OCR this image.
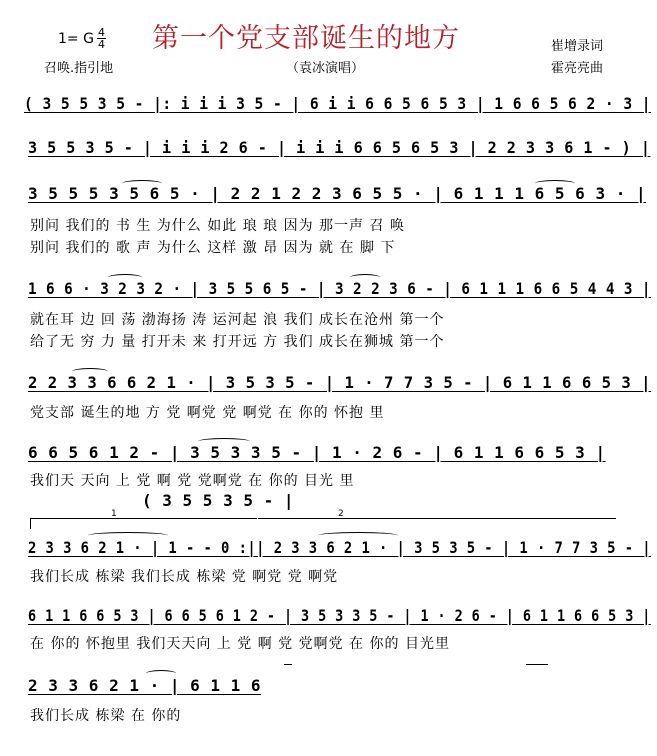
1= G 4
4 第一个党支部诞生的地方	崔增录词
召唤.指引地	（袁冰演唱）	霍亮亮曲
( 3 5 5 3 5 - |: i i i 3 5 - | 6 i i 6 6 5 6 5 3 | 1 6 6 5 6 2 · 3 |
3 5 5 3 5 - | i i i 2 6 - | i i i 6 6 5 6 5 3 | 2 2 3 3 6 1 - ) |
3 5 5 5 3 5 6 5 · | 2 2 1 2 2 3 6 5 5 · | 6 1 1 1 6 5 6 3 · |
别问 我们的 书 生 为什么 如此 琅 琅 因为 那一声 召 唤
别问 我们的 歌 声 为什么 这样 激 昂 因为 就 在 脚 下
1 6 6 · 3 2 3 2 · | 3 5 5 6 5 - | 3 2 2 3 6 - | 6 1 1 1 6 6 5 4 4 3 |
就在耳 边 回 荡 渤海扬 涛 运河起 浪 我们 成长在沧州 第一个
给了无 穷 力 量 打开未 来 打开远 方 我们 成长在狮城 第一个
2 2 3 3 6 6 2 1 · | 3 5 3 5 - | 1 · 7 7 3 5 - | 6 1 1 6 6 5 3 |
党支部 诞生的地 方 党 啊党 党 啊党 在 你的 怀抱 里
6 6 5 6 1 2 - | 3 5 3 3 5 - | 1 · 2 6 - | 6 1 1 6 6 5 3 |
我们天 天向 上 党 啊 党 党啊党 在 你的 目光 里
( 3 5 5 3 5 - |
1	2
2 3 3 6 2 1 · | 1 - - 0 :|| 2 3 3 6 2 1 · | 3 5 3 5 - | 1 · 7 7 3 5 - |
我们长成 栋梁 我们长成 栋梁 党 啊党 党 啊党
6 1 1 6 6 5 3 | 6 6 5 6 1 2 - | 3 5 3 3 5 - | 1 · 2 6 - | 6 1 1 6 6 5 3 |
在 你的 怀抱里 我们天天向 上 党 啊 党 党啊党 在 你的 目光里
2 3 3 6 2 1 · | 6 1 1 6
我们长成 栋梁 在 你的
